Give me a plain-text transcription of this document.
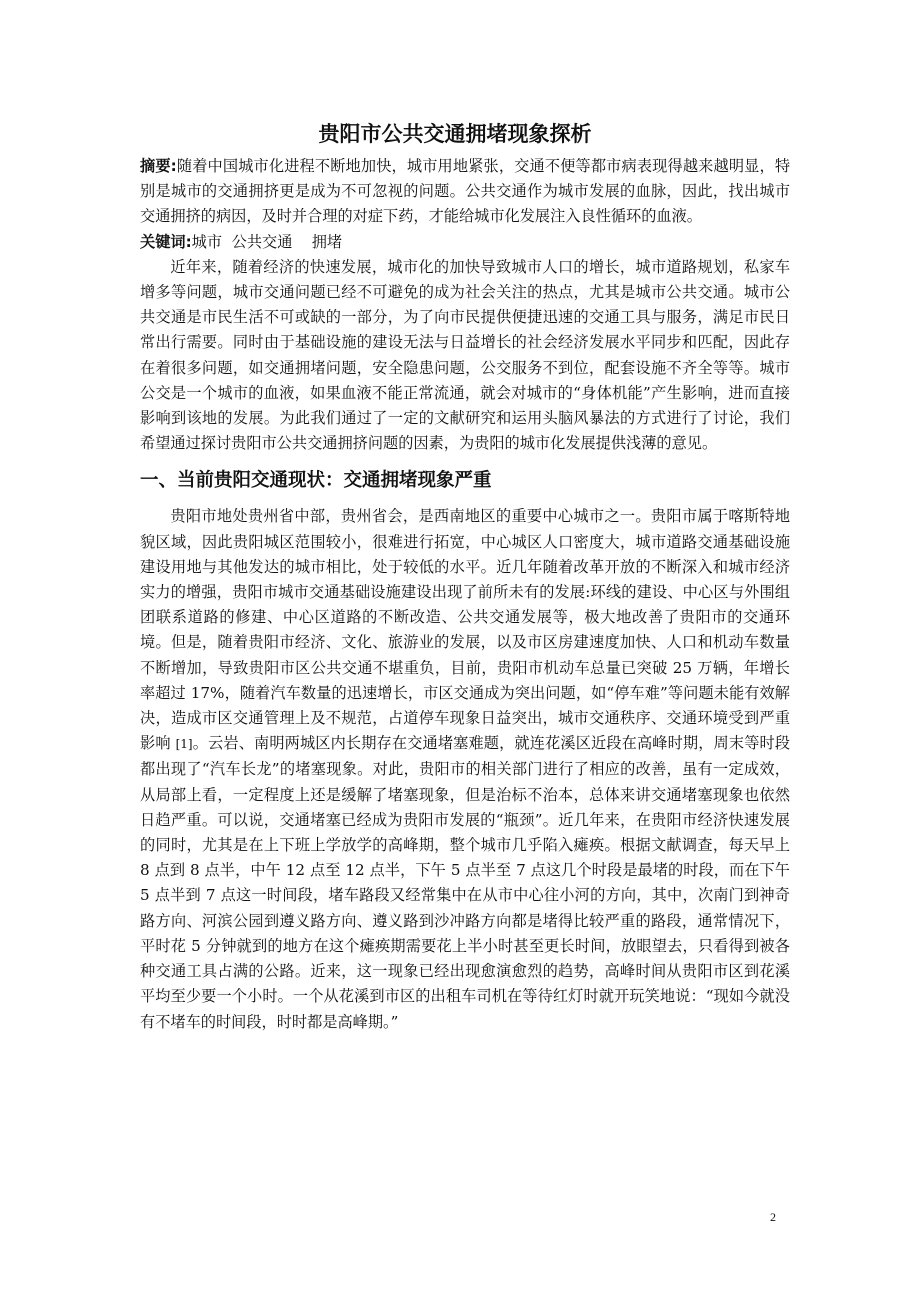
贵阳市公共交通拥堵现象探析

摘要:随着中国城市化进程不断地加快，城市用地紧张，交通不便等都市病表现得越来越明显，特别是城市的交通拥挤更是成为不可忽视的问题。公共交通作为城市发展的血脉，因此，找出城市交通拥挤的病因，及时并合理的对症下药，才能给城市化发展注入良性循环的血液。

关键词:城市  公共交通    拥堵

近年来，随着经济的快速发展，城市化的加快导致城市人口的增长，城市道路规划，私家车增多等问题，城市交通问题已经不可避免的成为社会关注的热点，尤其是城市公共交通。城市公共交通是市民生活不可或缺的一部分，为了向市民提供便捷迅速的交通工具与服务，满足市民日常出行需要。同时由于基础设施的建设无法与日益增长的社会经济发展水平同步和匹配，因此存在着很多问题，如交通拥堵问题，安全隐患问题，公交服务不到位，配套设施不齐全等等。城市公交是一个城市的血液，如果血液不能正常流通，就会对城市的“身体机能”产生影响，进而直接影响到该地的发展。为此我们通过了一定的文献研究和运用头脑风暴法的方式进行了讨论，我们希望通过探讨贵阳市公共交通拥挤问题的因素，为贵阳的城市化发展提供浅薄的意见。

一、当前贵阳交通现状：交通拥堵现象严重

贵阳市地处贵州省中部，贵州省会，是西南地区的重要中心城市之一。贵阳市属于喀斯特地貌区域，因此贵阳城区范围较小，很难进行拓宽，中心城区人口密度大，城市道路交通基础设施建设用地与其他发达的城市相比，处于较低的水平。近几年随着改革开放的不断深入和城市经济实力的增强，贵阳市城市交通基础设施建设出现了前所未有的发展:环线的建设、中心区与外围组团联系道路的修建、中心区道路的不断改造、公共交通发展等，极大地改善了贵阳市的交通环境。但是，随着贵阳市经济、文化、旅游业的发展，以及市区房建速度加快、人口和机动车数量不断增加，导致贵阳市区公共交通不堪重负，目前，贵阳市机动车总量已突破 25 万辆，年增长率超过 17%，随着汽车数量的迅速增长，市区交通成为突出问题，如“停车难”等问题未能有效解决，造成市区交通管理上及不规范，占道停车现象日益突出，城市交通秩序、交通环境受到严重影响 [1]。云岩、南明两城区内长期存在交通堵塞难题，就连花溪区近段在高峰时期，周末等时段都出现了“汽车长龙”的堵塞现象。对此，贵阳市的相关部门进行了相应的改善，虽有一定成效，从局部上看，一定程度上还是缓解了堵塞现象，但是治标不治本，总体来讲交通堵塞现象也依然日趋严重。可以说，交通堵塞已经成为贵阳市发展的“瓶颈”。近几年来，在贵阳市经济快速发展的同时，尤其是在上下班上学放学的高峰期，整个城市几乎陷入瘫痪。根据文献调查，每天早上 8 点到 8 点半，中午 12 点至 12 点半，下午 5 点半至 7 点这几个时段是最堵的时段，而在下午 5 点半到 7 点这一时间段，堵车路段又经常集中在从市中心往小河的方向，其中，次南门到神奇路方向、河滨公园到遵义路方向、遵义路到沙冲路方向都是堵得比较严重的路段，通常情况下，平时花 5 分钟就到的地方在这个瘫痪期需要花上半小时甚至更长时间，放眼望去，只看得到被各种交通工具占满的公路。近来，这一现象已经出现愈演愈烈的趋势，高峰时间从贵阳市区到花溪平均至少要一个小时。一个从花溪到市区的出租车司机在等待红灯时就开玩笑地说：“现如今就没有不堵车的时间段，时时都是高峰期。”

2
